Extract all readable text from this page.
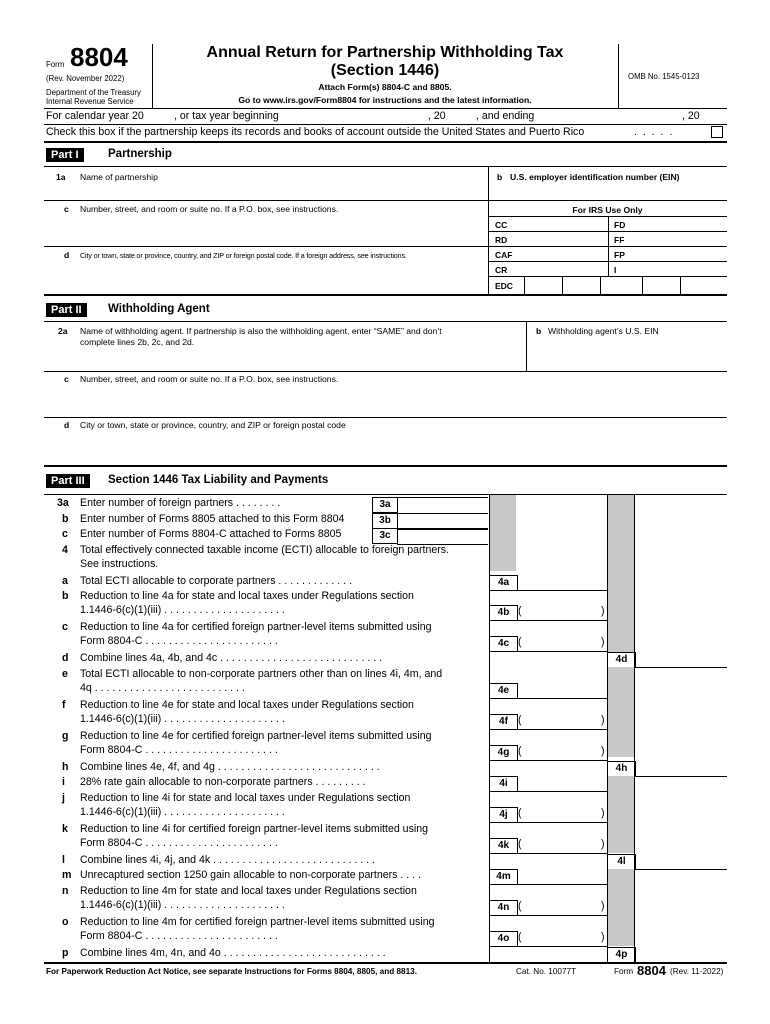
Form 8804
(Rev. November 2022)
Department of the Treasury
Internal Revenue Service
Annual Return for Partnership Withholding Tax
(Section 1446)
Attach Form(s) 8804-C and 8805.
Go to www.irs.gov/Form8804 for instructions and the latest information.
OMB No. 1545-0123
For calendar year 20	, or tax year beginning	, 20	, and ending	, 20
Check this box if the partnership keeps its records and books of account outside the United States and Puerto Rico	.  .  .  .  .
Part I	Partnership
1a Name of partnership	b U.S. employer identification number (EIN)
c Number, street, and room or suite no. If a P.O. box, see instructions.
d City or town, state or province, country, and ZIP or foreign postal code. If a foreign address, see instructions.
For IRS Use Only
CC	FD
RD	FF
CAF	FP
CR	I
EDC
Part II	Withholding Agent
2a Name of withholding agent. If partnership is also the withholding agent, enter “SAME” and don’t
complete lines 2b, 2c, and 2d.
b Withholding agent’s U.S. EIN
c Number, street, and room or suite no. If a P.O. box, see instructions.
d City or town, state or province, country, and ZIP or foreign postal code
Part III	Section 1446 Tax Liability and Payments
3a Enter number of foreign partners . . . . . . . .	3a
b Enter number of Forms 8805 attached to this Form 8804	3b
c Enter number of Forms 8804-C attached to Forms 8805	3c
4 Total effectively connected taxable income (ECTI) allocable to foreign partners.
See instructions.
a Total ECTI allocable to corporate partners . . . . . . . . . . . . .	4a
b Reduction to line 4a for state and local taxes under Regulations section
1.1446-6(c)(1)(iii) . . . . . . . . . . . . . . . . . . . . .	4b (	)
c Reduction to line 4a for certified foreign partner-level items submitted using
Form 8804-C . . . . . . . . . . . . . . . . . . . . . . .	4c (	)
d Combine lines 4a, 4b, and 4c . . . . . . . . . . . . . . . . . . . . . . . . . . . .	4d
e Total ECTI allocable to non-corporate partners other than on lines 4i, 4m, and
4q . . . . . . . . . . . . . . . . . . . . . . . . . .	4e
f Reduction to line 4e for state and local taxes under Regulations section
1.1446-6(c)(1)(iii) . . . . . . . . . . . . . . . . . . . . .	4f (	)
g Reduction to line 4e for certified foreign partner-level items submitted using
Form 8804-C . . . . . . . . . . . . . . . . . . . . . . .	4g (	)
h Combine lines 4e, 4f, and 4g . . . . . . . . . . . . . . . . . . . . . . . . . . . .	4h
i 28% rate gain allocable to non-corporate partners . . . . . . . . .	4i
j Reduction to line 4i for state and local taxes under Regulations section
1.1446-6(c)(1)(iii) . . . . . . . . . . . . . . . . . . . . .	4j (	)
k Reduction to line 4i for certified foreign partner-level items submitted using
Form 8804-C . . . . . . . . . . . . . . . . . . . . . . .	4k (	)
l Combine lines 4i, 4j, and 4k . . . . . . . . . . . . . . . . . . . . . . . . . . . .	4l
m Unrecaptured section 1250 gain allocable to non-corporate partners . . . .	4m
n Reduction to line 4m for state and local taxes under Regulations section
1.1446-6(c)(1)(iii) . . . . . . . . . . . . . . . . . . . . .	4n (	)
o Reduction to line 4m for certified foreign partner-level items submitted using
Form 8804-C . . . . . . . . . . . . . . . . . . . . . . .	4o (	)
p Combine lines 4m, 4n, and 4o . . . . . . . . . . . . . . . . . . . . . . . . . . . .	4p
For Paperwork Reduction Act Notice, see separate Instructions for Forms 8804, 8805, and 8813.	Cat. No. 10077T	Form 8804 (Rev. 11-2022)
